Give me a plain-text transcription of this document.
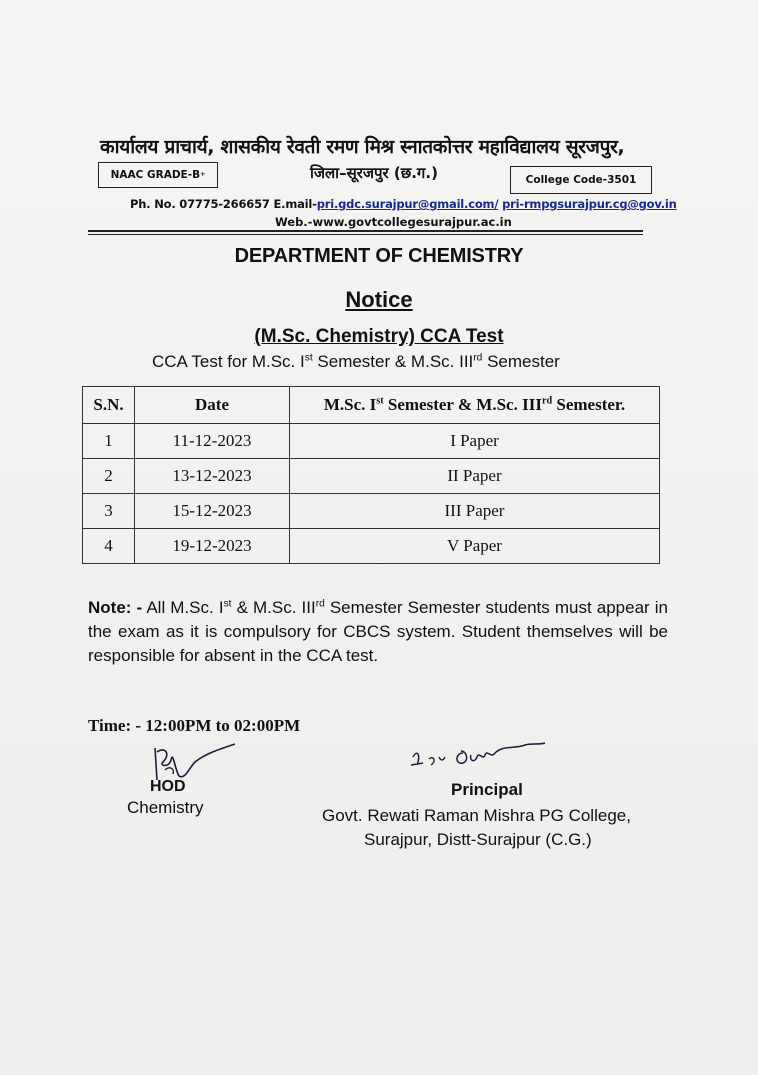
कार्यालय प्राचार्य, शासकीय रेवती रमण मिश्र स्नातकोत्तर महाविद्यालय सूरजपुर,
NAAC GRADE-B +	जिला–सूरजपुर (छ.ग.)	College Code-3501
Ph. No. 07775-266657 E.mail-pri.gdc.surajpur@gmail.com/ pri-rmpgsurajpur.cg@gov.in
Web.-www.govtcollegesurajpur.ac.in
DEPARTMENT OF CHEMISTRY
Notice
(M.Sc. Chemistry) CCA Test
CCA Test for M.Sc. Ist Semester & M.Sc. IIIrd Semester
S.N.	Date	M.Sc. Ist Semester & M.Sc. IIIrd Semester.
1	11-12-2023	I Paper
2	13-12-2023	II Paper
3	15-12-2023	III Paper
4	19-12-2023	V Paper
Note: - All M.Sc. Ist & M.Sc. IIIrd Semester Semester students must appear in the exam as it is compulsory for CBCS system. Student themselves will be responsible for absent in the CCA test.
Time: - 12:00PM to 02:00PM
HOD
Chemistry
Principal
Govt. Rewati Raman Mishra PG College,
Surajpur, Distt-Surajpur (C.G.)
